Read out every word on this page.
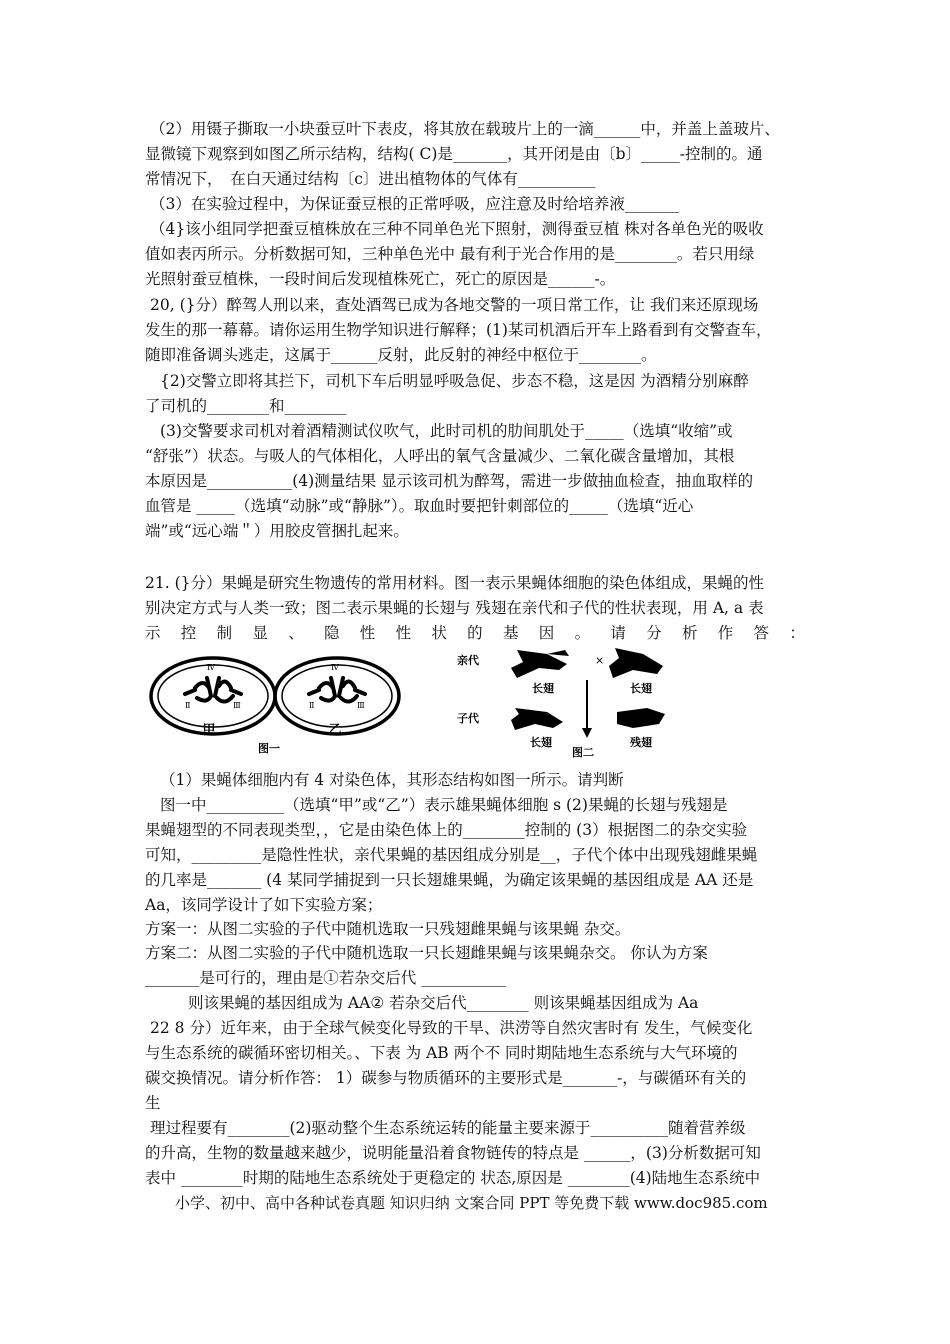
（2）用镊子撕取一小块蚕豆叶下表皮，将其放在载玻片上的一滴______中，并盖上盖玻片、
显微镜下观察到如图乙所示结构，结构( C)是_______，其开闭是由〔b〕_____-控制的。通
常情况下，　在白天通过结构〔c〕进出植物体的气体有__________
（3）在实验过程中，为保证蚕豆根的正常呼吸，应注意及时给培养液_______
（4}该小组同学把蚕豆植株放在三种不同单色光下照射，测得蚕豆植 株对各单色光的吸收
值如表丙所示。分析数据可知，三种单色光中 最有利于光合作用的是________。若只用绿
光照射蚕豆植株，一段时间后发现植株死亡，死亡的原因是______-。
20, (}分）醉驾人刑以来，查处酒驾已成为各地交警的一项日常工作，让 我们来还原现场
发生的那一幕幕。请你运用生物学知识进行解释；(1)某司机酒后开车上路看到有交警查车，
随即准备调头逃走，这属于______反射，此反射的神经中枢位于________。
{2)交警立即将其拦下，司机下车后明显呼吸急促、步态不稳，这是因 为酒精分别麻醉
了司机的________和________
(3)交警要求司机对着酒精测试仪吹气，此时司机的肋间肌处于_____（选填“收缩”或
“舒张”）状态。与吸人的气体相化，人呼出的氧气含量减少、二氧化碳含量增加，其根
本原因是___________(4)测量结果 显示该司机为醉驾，需进一步做抽血检查，抽血取样的
血管是 _____（选填“动脉”或“静脉”）。取血时要把针刺部位的_____（选填“近心
端”或“远心端＂）用胶皮管捆扎起来。
21. (}分）果蝇是研究生物遗传的常用材料。图一表示果蝇体细胞的染色体组成，果蝇的性
别决定方式与人类一致；图二表示果蝇的长翅与 残翅在亲代和子代的性状表现，用 A, a 表
（1）果蝇体细胞内有 4 对染色体，其形态结构如图一所示。请判断
图一中__________（选填“甲”或“乙”）表示雄果蝇体细胞 s (2)果蝇的长翅与残翅是
果蝇翅型的不同表现类型，，它是由染色体上的________控制的 (3）根据图二的杂交实验
可知，_________是隐性性状，亲代果蝇的基因组成分别是__，子代个体中出现残翅雌果蝇
的几率是_______ (4 某同学捕捉到一只长翅雄果蝇，为确定该果蝇的基因组成是 AA 还是
Aa，该同学设计了如下实验方案；
方案一：从图二实验的子代中随机选取一只残翅雌果蝇与该果蝇 杂交。
方案二：从图二实验的子代中随机选取一只长翅雌果蝇与该果蝇杂交。 你认为方案
_______是可行的，理由是①若杂交后代 ___________
则该果蝇的基因组成为 AA② 若杂交后代________ 则该果蝇基因组成为 Aa
22 8 分）近年来，由于全球气候变化导致的干旱、洪涝等自然灾害时有 发生，气候变化
与生态系统的碳循环密切相关。、下表 为 AB 两个不 同时期陆地生态系统与大气环境的
碳交换情况。请分析作答： 1）碳参与物质循环的主要形式是_______-，与碳循环有关的
生
理过程要有________(2)驱动整个生态系统运转的能量主要来源于__________随着营养级
的升高，生物的数量越来越少，说明能量沿着食物链传的特点是 ______，(3)分析数据可知
表中 ________时期的陆地生态系统处于更稳定的 状态,原因是 ________(4)陆地生态系统中
示 控 制 显 、 隐 性 性 状 的 基 因 。 请 分 析 作 答 ：
Ⅳ
Ⅱ	Ⅲ
甲
Ⅳ
Ⅱ	Ⅲ
乙
图一
亲代
子代
×
长翅	长翅
长翅	残翅
图二
小学、初中、高中各种试卷真题 知识归纳 文案合同 PPT 等免费下载 www.doc985.com
